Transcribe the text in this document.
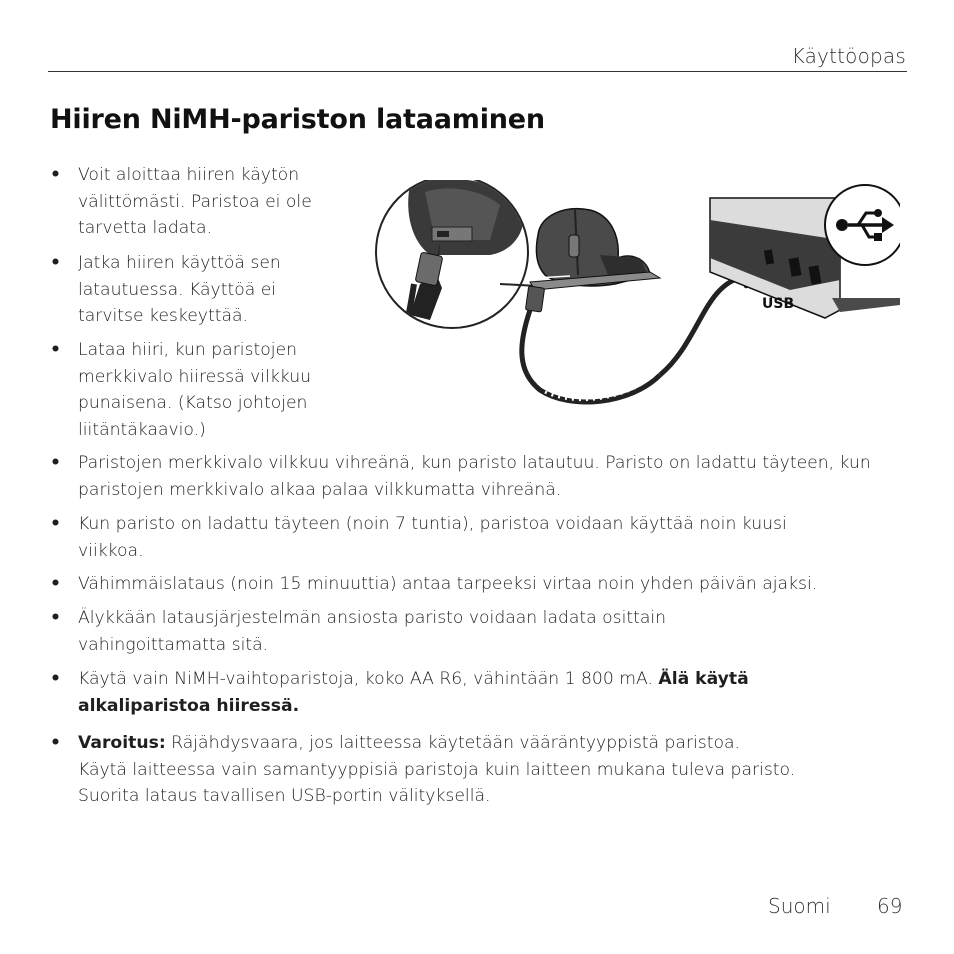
Käyttöopas
Hiiren NiMH-pariston lataaminen
• Voit aloittaa hiiren käytön välittömästi. Paristoa ei ole tarvetta ladata.
• Jatka hiiren käyttöä sen latautuessa. Käyttöä ei tarvitse keskeyttää.
• Lataa hiiri, kun paristojen merkkivalo hiiressä vilkkuu punaisena. (Katso johtojen liitäntäkaavio.)
• Paristojen merkkivalo vilkkuu vihreänä, kun paristo latautuu. Paristo on ladattu täyteen, kun paristojen merkkivalo alkaa palaa vilkkumatta vihreänä.
• Kun paristo on ladattu täyteen (noin 7 tuntia), paristoa voidaan käyttää noin kuusi viikkoa.
• Vähimmäislataus (noin 15 minuuttia) antaa tarpeeksi virtaa noin yhden päivän ajaksi.
• Älykkään latausjärjestelmän ansiosta paristo voidaan ladata osittain vahingoittamatta sitä.
• Käytä vain NiMH-vaihtoparistoja, koko AA R6, vähintään 1 800 mA. Älä käytä alkaliparistoa hiiressä.
• Varoitus: Räjähdysvaara, jos laitteessa käytetään vääräntyyppistä paristoa.
Käytä laitteessa vain samantyyppisiä paristoja kuin laitteen mukana tuleva paristo.
Suorita lataus tavallisen USB-portin välityksellä.
USB
Suomi 69
